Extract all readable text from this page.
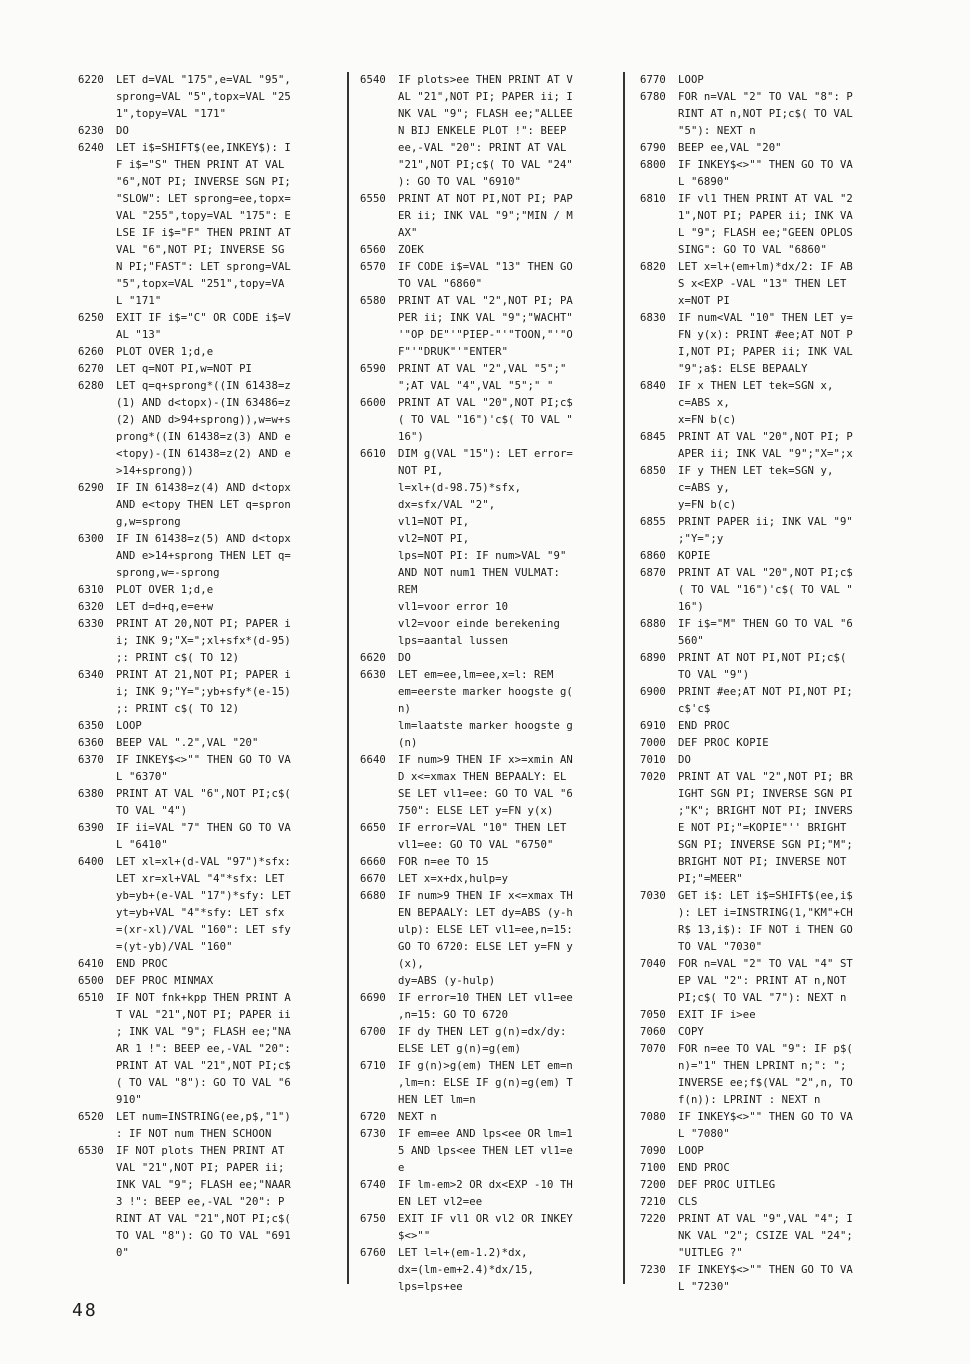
6220	LET d=VAL "175",e=VAL "95",
sprong=VAL "5",topx=VAL "25
1",topy=VAL "171"
6230	DO
6240	LET i$=SHIFT$(ee,INKEY$): I
F i$="S" THEN PRINT AT VAL
"6",NOT PI; INVERSE SGN PI;
"SLOW": LET sprong=ee,topx=
VAL "255",topy=VAL "175": E
LSE IF i$="F" THEN PRINT AT
VAL "6",NOT PI; INVERSE SG
N PI;"FAST": LET sprong=VAL
"5",topx=VAL "251",topy=VA
L "171"
6250	EXIT IF i$="C" OR CODE i$=V
AL "13"
6260	PLOT OVER 1;d,e
6270	LET q=NOT PI,w=NOT PI
6280	LET q=q+sprong*((IN 61438=z
(1) AND d<topx)-(IN 63486=z
(2) AND d>94+sprong)),w=w+s
prong*((IN 61438=z(3) AND e
<topy)-(IN 61438=z(2) AND e
>14+sprong))
6290	IF IN 61438=z(4) AND d<topx
AND e<topy THEN LET q=spron
g,w=sprong
6300	IF IN 61438=z(5) AND d<topx
AND e>14+sprong THEN LET q=
sprong,w=-sprong
6310	PLOT OVER 1;d,e
6320	LET d=d+q,e=e+w
6330	PRINT AT 20,NOT PI; PAPER i
i; INK 9;"X=";xl+sfx*(d-95)
;: PRINT c$( TO 12)
6340	PRINT AT 21,NOT PI; PAPER i
i; INK 9;"Y=";yb+sfy*(e-15)
;: PRINT c$( TO 12)
6350	LOOP
6360	BEEP VAL ".2",VAL "20"
6370	IF INKEY$<>"" THEN GO TO VA
L "6370"
6380	PRINT AT VAL "6",NOT PI;c$(
TO VAL "4")
6390	IF ii=VAL "7" THEN GO TO VA
L "6410"
6400	LET xl=xl+(d-VAL "97")*sfx:
LET xr=xl+VAL "4"*sfx: LET
yb=yb+(e-VAL "17")*sfy: LET
yt=yb+VAL "4"*sfy: LET sfx
=(xr-xl)/VAL "160": LET sfy
=(yt-yb)/VAL "160"
6410	END PROC
6500	DEF PROC MINMAX
6510	IF NOT fnk+kpp THEN PRINT A
T VAL "21",NOT PI; PAPER ii
; INK VAL "9"; FLASH ee;"NA
AR 1 !": BEEP ee,-VAL "20":
PRINT AT VAL "21",NOT PI;c$
( TO VAL "8"): GO TO VAL "6
910"
6520	LET num=INSTRING(ee,p$,"1")
: IF NOT num THEN SCHOON
6530	IF NOT plots THEN PRINT AT
VAL "21",NOT PI; PAPER ii;
INK VAL "9"; FLASH ee;"NAAR
3 !": BEEP ee,-VAL "20": P
RINT AT VAL "21",NOT PI;c$(
TO VAL "8"): GO TO VAL "691
0"
6540	IF plots>ee THEN PRINT AT V
AL "21",NOT PI; PAPER ii; I
NK VAL "9"; FLASH ee;"ALLEE
N BIJ ENKELE PLOT !": BEEP
ee,-VAL "20": PRINT AT VAL
"21",NOT PI;c$( TO VAL "24"
): GO TO VAL "6910"
6550	PRINT AT NOT PI,NOT PI; PAP
ER ii; INK VAL "9";"MIN / M
AX"
6560	ZOEK
6570	IF CODE i$=VAL "13" THEN GO
TO VAL "6860"
6580	PRINT AT VAL "2",NOT PI; PA
PER ii; INK VAL "9";"WACHT"
'"OP DE"'"PIEP-"'"TOON,"'"O
F"'"DRUK"'"ENTER"
6590	PRINT AT VAL "2",VAL "5";"
";AT VAL "4",VAL "5";" "
6600	PRINT AT VAL "20",NOT PI;c$
( TO VAL "16")'c$( TO VAL "
16")
6610	DIM g(VAL "15"): LET error=
NOT PI,
l=xl+(d-98.75)*sfx,
dx=sfx/VAL "2",
vl1=NOT PI,
vl2=NOT PI,
lps=NOT PI: IF num>VAL "9"
AND NOT num1 THEN VULMAT:
REM
vl1=voor error 10
vl2=voor einde berekening
lps=aantal lussen
6620	DO
6630	LET em=ee,lm=ee,x=l: REM
em=eerste marker hoogste g(
n)
lm=laatste marker hoogste g
(n)
6640	IF num>9 THEN IF x>=xmin AN
D x<=xmax THEN BEPAALY: EL
SE LET vl1=ee: GO TO VAL "6
750": ELSE LET y=FN y(x)
6650	IF error=VAL "10" THEN LET
vl1=ee: GO TO VAL "6750"
6660	FOR n=ee TO 15
6670	LET x=x+dx,hulp=y
6680	IF num>9 THEN IF x<=xmax TH
EN BEPAALY: LET dy=ABS (y-h
ulp): ELSE LET vl1=ee,n=15:
GO TO 6720: ELSE LET y=FN y
(x),
dy=ABS (y-hulp)
6690	IF error=10 THEN LET vl1=ee
,n=15: GO TO 6720
6700	IF dy THEN LET g(n)=dx/dy:
ELSE LET g(n)=g(em)
6710	IF g(n)>g(em) THEN LET em=n
,lm=n: ELSE IF g(n)=g(em) T
HEN LET lm=n
6720	NEXT n
6730	IF em=ee AND lps<ee OR lm=1
5 AND lps<ee THEN LET vl1=e
e
6740	IF lm-em>2 OR dx<EXP -10 TH
EN LET vl2=ee
6750	EXIT IF vl1 OR vl2 OR INKEY
$<>""
6760	LET l=l+(em-1.2)*dx,
dx=(lm-em+2.4)*dx/15,
lps=lps+ee
6770	LOOP
6780	FOR n=VAL "2" TO VAL "8": P
RINT AT n,NOT PI;c$( TO VAL
"5"): NEXT n
6790	BEEP ee,VAL "20"
6800	IF INKEY$<>"" THEN GO TO VA
L "6890"
6810	IF vl1 THEN PRINT AT VAL "2
1",NOT PI; PAPER ii; INK VA
L "9"; FLASH ee;"GEEN OPLOS
SING": GO TO VAL "6860"
6820	LET x=l+(em+lm)*dx/2: IF AB
S x<EXP -VAL "13" THEN LET
x=NOT PI
6830	IF num<VAL "10" THEN LET y=
FN y(x): PRINT #ee;AT NOT P
I,NOT PI; PAPER ii; INK VAL
"9";a$: ELSE BEPAALY
6840	IF x THEN LET tek=SGN x,
c=ABS x,
x=FN b(c)
6845	PRINT AT VAL "20",NOT PI; P
APER ii; INK VAL "9";"X=";x
6850	IF y THEN LET tek=SGN y,
c=ABS y,
y=FN b(c)
6855	PRINT PAPER ii; INK VAL "9"
;"Y=";y
6860	KOPIE
6870	PRINT AT VAL "20",NOT PI;c$
( TO VAL "16")'c$( TO VAL "
16")
6880	IF i$="M" THEN GO TO VAL "6
560"
6890	PRINT AT NOT PI,NOT PI;c$(
TO VAL "9")
6900	PRINT #ee;AT NOT PI,NOT PI;
c$'c$
6910	END PROC
7000	DEF PROC KOPIE
7010	DO
7020	PRINT AT VAL "2",NOT PI; BR
IGHT SGN PI; INVERSE SGN PI
;"K"; BRIGHT NOT PI; INVERS
E NOT PI;"=KOPIE"'' BRIGHT
SGN PI; INVERSE SGN PI;"M";
BRIGHT NOT PI; INVERSE NOT
PI;"=MEER"
7030	GET i$: LET i$=SHIFT$(ee,i$
): LET i=INSTRING(1,"KM"+CH
R$ 13,i$): IF NOT i THEN GO
TO VAL "7030"
7040	FOR n=VAL "2" TO VAL "4" ST
EP VAL "2": PRINT AT n,NOT
PI;c$( TO VAL "7"): NEXT n
7050	EXIT IF i>ee
7060	COPY
7070	FOR n=ee TO VAL "9": IF p$(
n)="1" THEN LPRINT n;": ";
INVERSE ee;f$(VAL "2",n, TO
f(n)): LPRINT : NEXT n
7080	IF INKEY$<>"" THEN GO TO VA
L "7080"
7090	LOOP
7100	END PROC
7200	DEF PROC UITLEG
7210	CLS
7220	PRINT AT VAL "9",VAL "4"; I
NK VAL "2"; CSIZE VAL "24";
"UITLEG ?"
7230	IF INKEY$<>"" THEN GO TO VA
L "7230"
48
